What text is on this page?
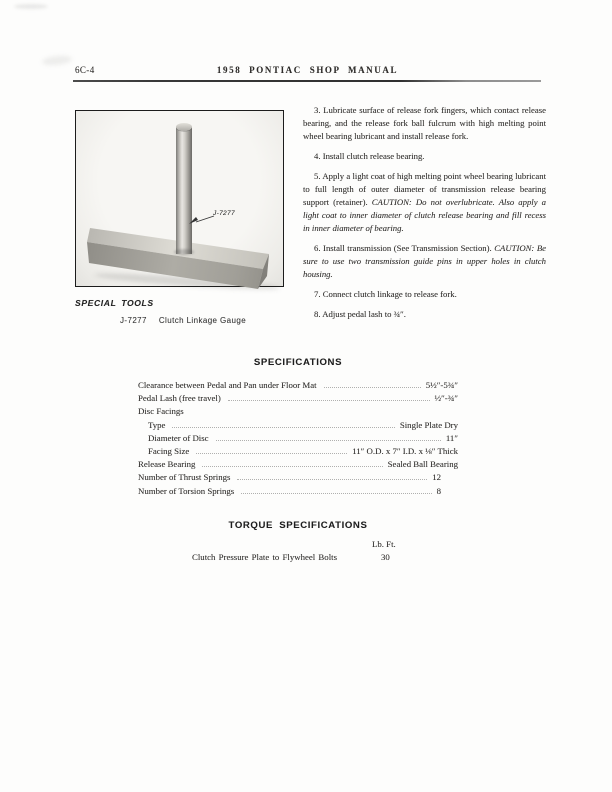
6C-4	1958 PONTIAC SHOP MANUAL
J-7277
SPECIAL TOOLS
J-7277 Clutch Linkage Gauge

3. Lubricate surface of release fork fingers, which contact release bearing, and the release fork ball fulcrum with high melting point wheel bearing lubricant and install release fork.

4. Install clutch release bearing.

5. Apply a light coat of high melting point wheel bearing lubricant to full length of outer diameter of transmission release bearing support (retainer). CAUTION: Do not overlubricate. Also apply a light coat to inner diameter of clutch release bearing and fill recess in inner diameter of bearing.

6. Install transmission (See Transmission Section). CAUTION: Be sure to use two transmission guide pins in upper holes in clutch housing.

7. Connect clutch linkage to release fork.

8. Adjust pedal lash to ¾″.

SPECIFICATIONS
Clearance between Pedal and Pan under Floor Mat	5½″-5¾″
Pedal Lash (free travel)	½″-¾″
Disc Facings
Type	Single Plate Dry
Diameter of Disc	11″
Facing Size	11″ O.D. x 7″ I.D. x ⅛″ Thick
Release Bearing	Sealed Ball Bearing
Number of Thrust Springs	12
Number of Torsion Springs	8
TORQUE SPECIFICATIONS
Lb. Ft.
Clutch Pressure Plate to Flywheel Bolts	30
